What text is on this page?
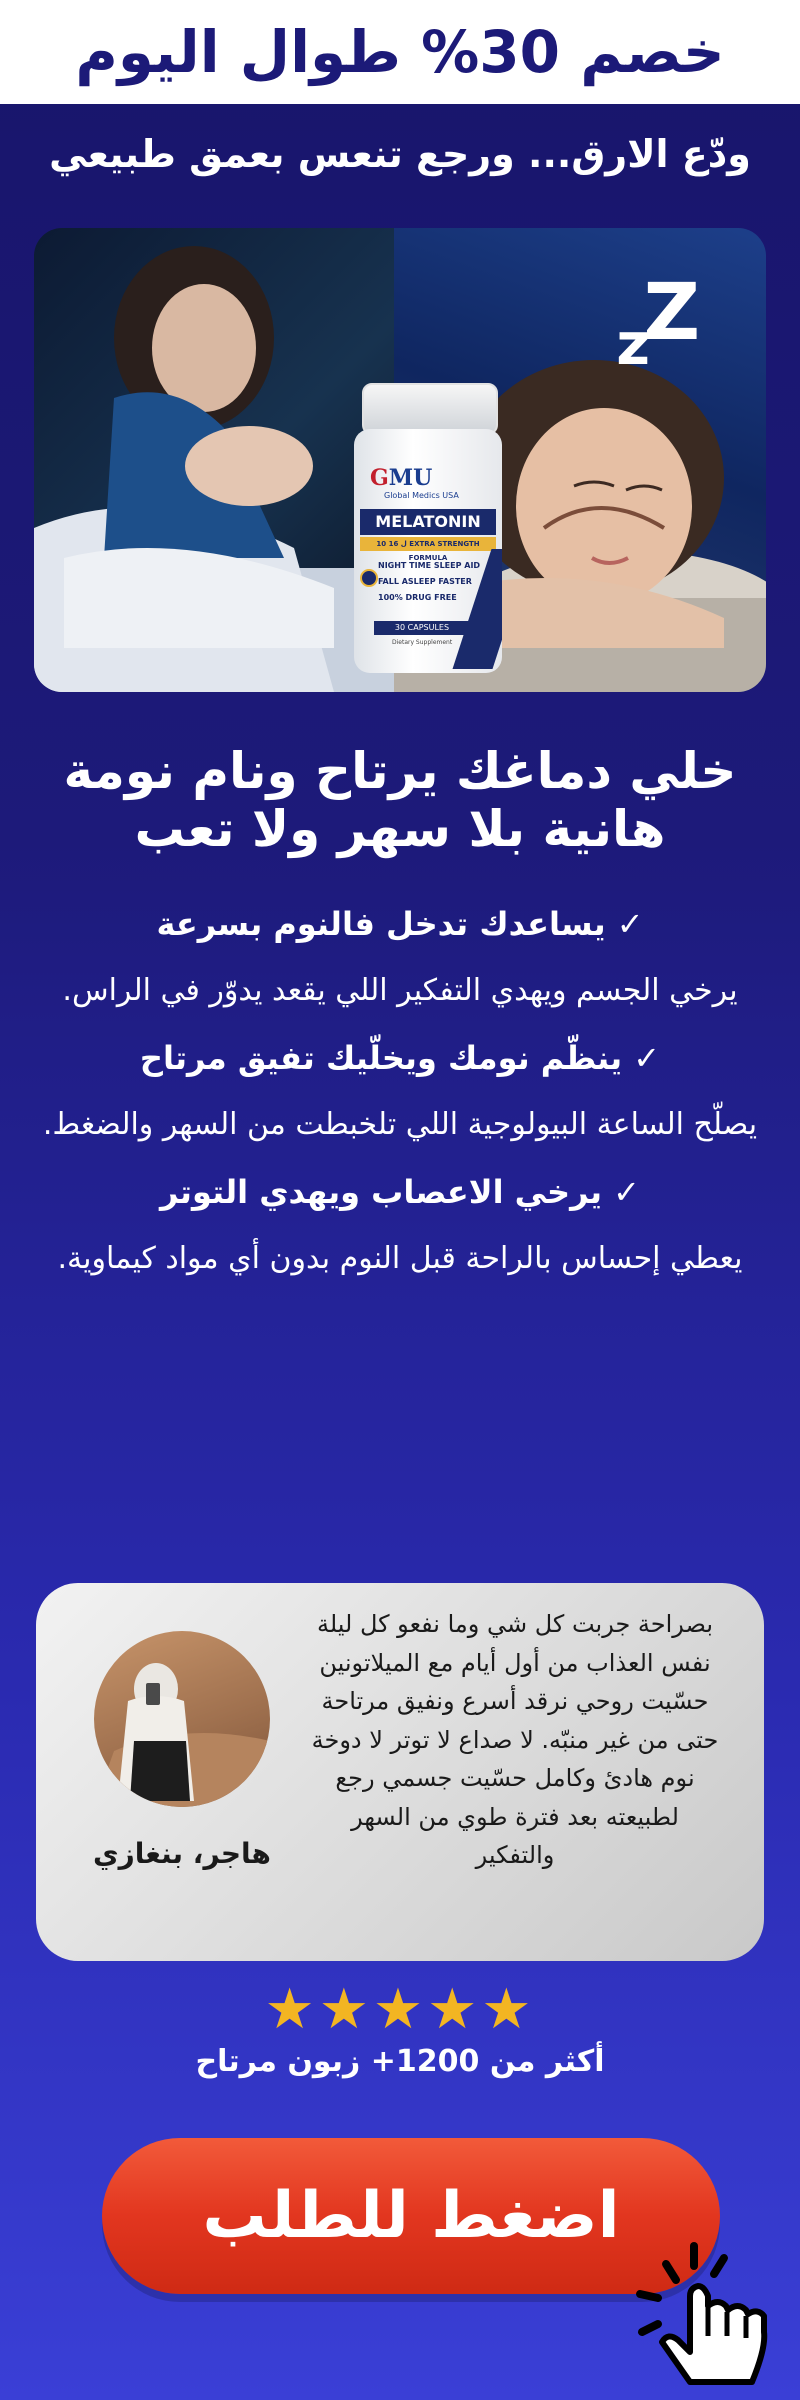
خصم 30% طوال اليوم
ودّع الارق... ورجع تنعس بعمق طبيعي
z
Z
GMU
Global Medics USA
MELATONIN
10 ل 16 EXTRA STRENGTH FORMULA
NIGHT TIME SLEEP AID
FALL ASLEEP FASTER
100% DRUG FREE
30 CAPSULES
Dietary Supplement
خلي دماغك يرتاح ونام نومة
هانية بلا سهر ولا تعب

✓ يساعدك تدخل فالنوم بسرعة

يرخي الجسم ويهدي التفكير اللي يقعد يدوّر في الراس.

✓ ينظّم نومك ويخلّيك تفيق مرتاح

يصلّح الساعة البيولوجية اللي تلخبطت من السهر والضغط.

✓ يرخي الاعصاب ويهدي التوتر

يعطي إحساس بالراحة قبل النوم بدون أي مواد كيماوية.

بصراحة جربت كل شي وما نفعو كل ليلة نفس العذاب من أول أيام مع الميلاتونين حسّيت روحي نرقد أسرع ونفيق مرتاحة حتى من غير منبّه. لا صداع لا توتر لا دوخة نوم هادئ وكامل حسّيت جسمي رجع لطبيعته بعد فترة طوي من السهر والتفكير
هاجر، بنغازي
★★★★★
أكثر من 1200+ زبون مرتاح
اضغط للطلب
